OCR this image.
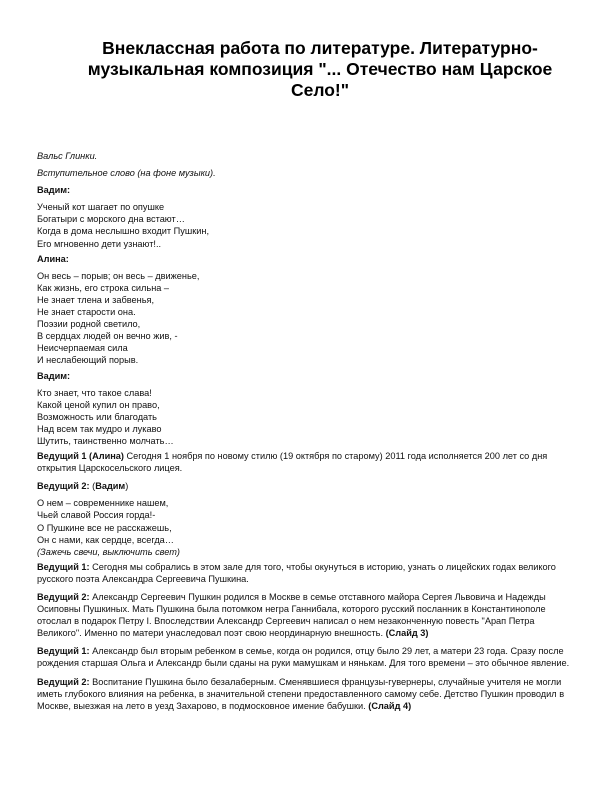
Внеклассная работа по литературе. Литературно-музыкальная композиция "... Отечество нам Царское Село!"
Вальс Глинки.
Вступительное слово (на фоне музыки).
Вадим:
Ученый кот шагает по опушке
Богатыри с морского дна встают…
Когда в дома неслышно входит Пушкин,
Его мгновенно дети узнают!..
Алина:
Он весь – порыв; он весь – движенье,
Как жизнь, его строка сильна –
Не знает тлена и забвенья,
Не знает старости она.
Поэзии родной светило,
В сердцах людей он вечно жив, -
Неисчерпаемая сила
И неслабеющий порыв.
Вадим:
Кто знает, что такое слава!
Какой ценой купил он право,
Возможность или благодать
Над всем так мудро и лукаво
Шутить, таинственно молчать…
Ведущий 1 (Алина) Сегодня 1 ноября по новому стилю (19 октября по старому) 2011 года исполняется 200 лет со дня открытия Царскосельского лицея.
Ведущий 2: (Вадим)
О нем – современнике нашем,
Чьей славой Россия горда!-
О Пушкине все не расскажешь,
Он с нами, как сердце, всегда…
(Зажечь свечи, выключить свет)
Ведущий 1: Сегодня мы собрались в этом зале для того, чтобы окунуться в историю, узнать о лицейских годах великого русского поэта Александра Сергеевича Пушкина.
Ведущий 2: Александр Сергеевич Пушкин родился в Москве в семье отставного майора Сергея Львовича и Надежды Осиповны Пушкиных. Мать Пушкина была потомком негра Ганнибала, которого русский посланник в Константинополе отослал в подарок Петру I. Впоследствии Александр Сергеевич написал о нем незаконченную повесть "Арап Петра Великого". Именно по матери унаследовал поэт свою неординарную внешность. (Слайд 3)
Ведущий 1: Александр был вторым ребенком в семье, когда он родился, отцу было 29 лет, а матери 23 года. Сразу после рождения старшая Ольга и Александр были сданы на руки мамушкам и нянькам. Для того времени – это обычное явление.
Ведущий 2: Воспитание Пушкина было безалаберным. Сменявшиеся французы-гувернеры, случайные учителя не могли иметь глубокого влияния на ребенка, в значительной степени предоставленного самому себе. Детство Пушкин проводил в Москве, выезжая на лето в уезд Захарово, в подмосковное имение бабушки. (Слайд 4)
